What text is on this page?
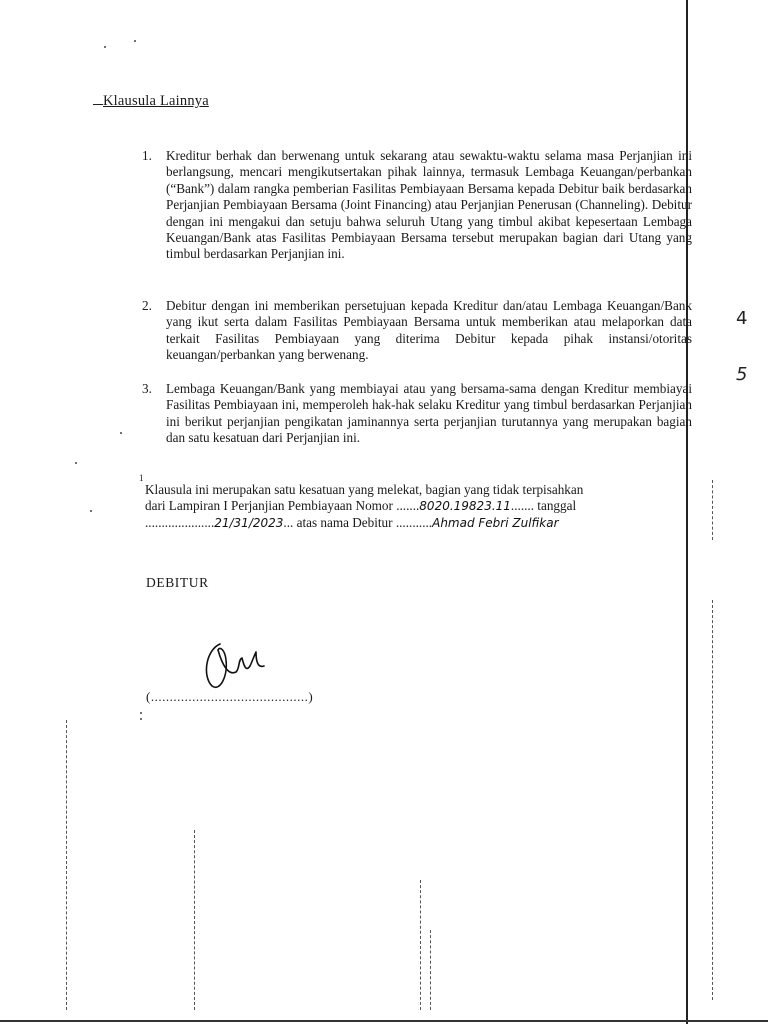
Klausula Lainnya
1. Kreditur berhak dan berwenang untuk sekarang atau sewaktu-waktu selama masa Perjanjian ini berlangsung, mencari mengikutsertakan pihak lainnya, termasuk Lembaga Keuangan/perbankan (“Bank”) dalam rangka pemberian Fasilitas Pembiayaan Bersama kepada Debitur baik berdasarkan Perjanjian Pembiayaan Bersama (Joint Financing) atau Perjanjian Penerusan (Channeling). Debitur dengan ini mengakui dan setuju bahwa seluruh Utang yang timbul akibat kepesertaan Lembaga Keuangan/Bank atas Fasilitas Pembiayaan Bersama tersebut merupakan bagian dari Utang yang timbul berdasarkan Perjanjian ini.
2. Debitur dengan ini memberikan persetujuan kepada Kreditur dan/atau Lembaga Keuangan/Bank yang ikut serta dalam Fasilitas Pembiayaan Bersama untuk memberikan atau melaporkan data terkait Fasilitas Pembiayaan yang diterima Debitur kepada pihak instansi/otoritas keuangan/perbankan yang berwenang.
3. Lembaga Keuangan/Bank yang membiayai atau yang bersama-sama dengan Kreditur membiayai Fasilitas Pembiayaan ini, memperoleh hak-hak selaku Kreditur yang timbul berdasarkan Perjanjian ini berikut perjanjian pengikatan jaminannya serta perjanjian turutannya yang merupakan bagian dan satu kesatuan dari Perjanjian ini.
1
Klausula ini merupakan satu kesatuan yang melekat, bagian yang tidak terpisahkan
dari Lampiran I Perjanjian Pembiayaan Nomor .......8020.19823.11....... tanggal
.....................21/31/2023... atas nama Debitur ...........Ahmad Febri Zulfikar
DEBITUR
(..........................................)
4
5
